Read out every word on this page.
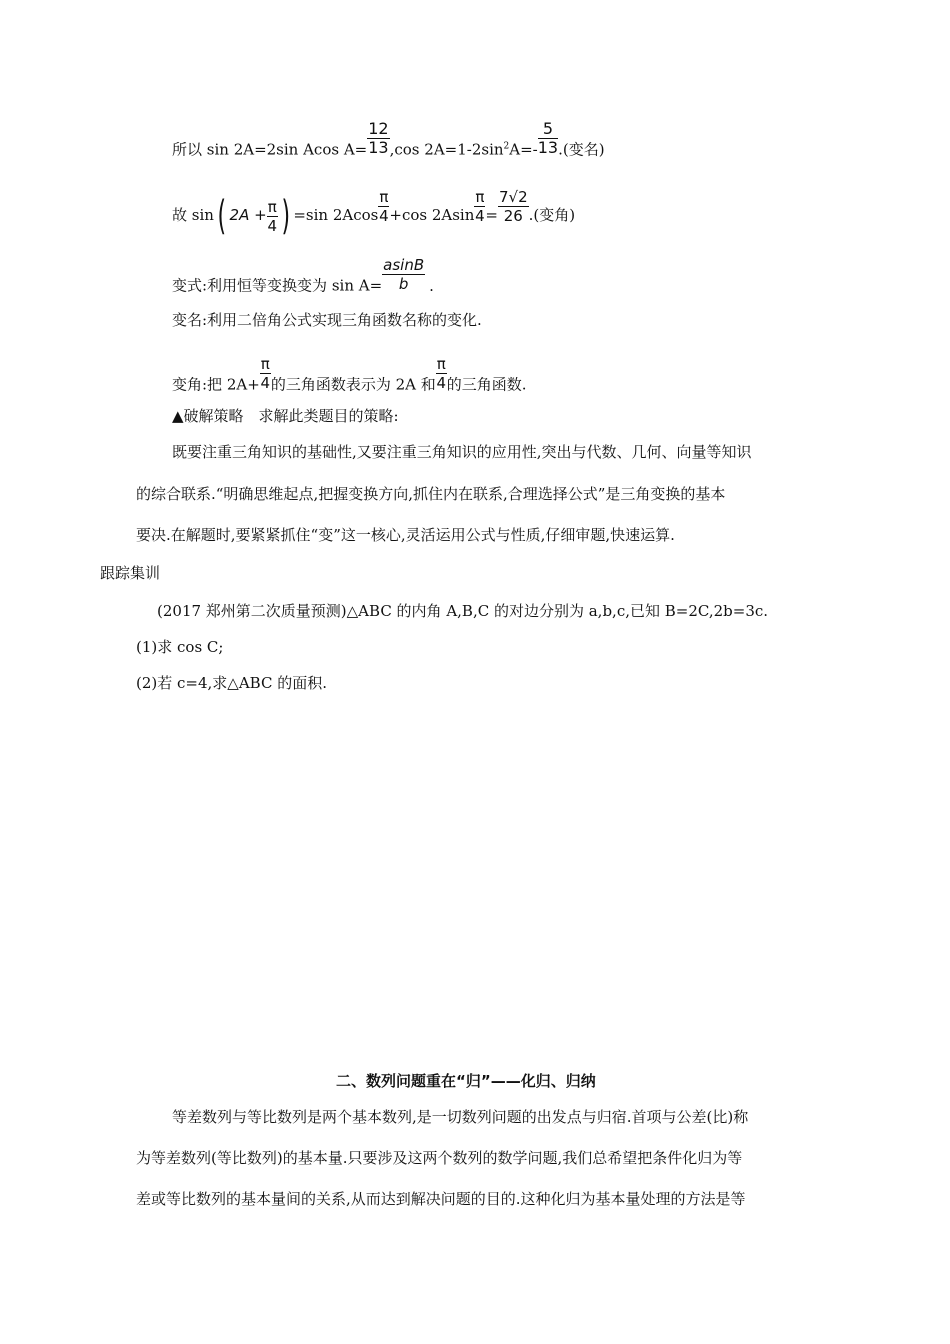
所以 sin 2A=2sin Acos $A= \frac{12}{13} ,\cos$ $2A=1-2\sin^2A=- \frac{5}{13}$ .(变名)
故 sin( $2A + \frac{\pi}{4}$ ) =sin $2Acos \frac{\pi}{4} +\cos$ $2Asin \frac{\pi}{4} = \frac{7√2}{26}$ .(变角)
变式:利用恒等变换变为 $\sin A= \frac{asinB}{b}$ .
变名:利用二倍角公式实现三角函数名称的变化.
变角:把 $2A+ \frac{\pi}{4}$ 的三角函数表示为 2A 和 $\frac{\pi}{4}$ 的三角函数.
▲破解策略　求解此类题目的策略:
既要注重三角知识的基础性,又要注重三角知识的应用性,突出与代数、几何、向量等知识
的综合联系.“明确思维起点,把握变换方向,抓住内在联系,合理选择公式”是三角变换的基本
要决.在解题时,要紧紧抓住“变”这一核心,灵活运用公式与性质,仔细审题,快速运算.
跟踪集训
(2017 郑州第二次质量预测)△ABC 的内角 A,B,C 的对边分别为 a,b,c,已知 B=2C,2b=3c.
(1)求 cos C;
(2)若 c=4,求△ABC 的面积.
二、数列问题重在“归”——化归、归纳
等差数列与等比数列是两个基本数列,是一切数列问题的出发点与归宿.首项与公差(比)称
为等差数列(等比数列)的基本量.只要涉及这两个数列的数学问题,我们总希望把条件化归为等
差或等比数列的基本量间的关系,从而达到解决问题的目的.这种化归为基本量处理的方法是等
